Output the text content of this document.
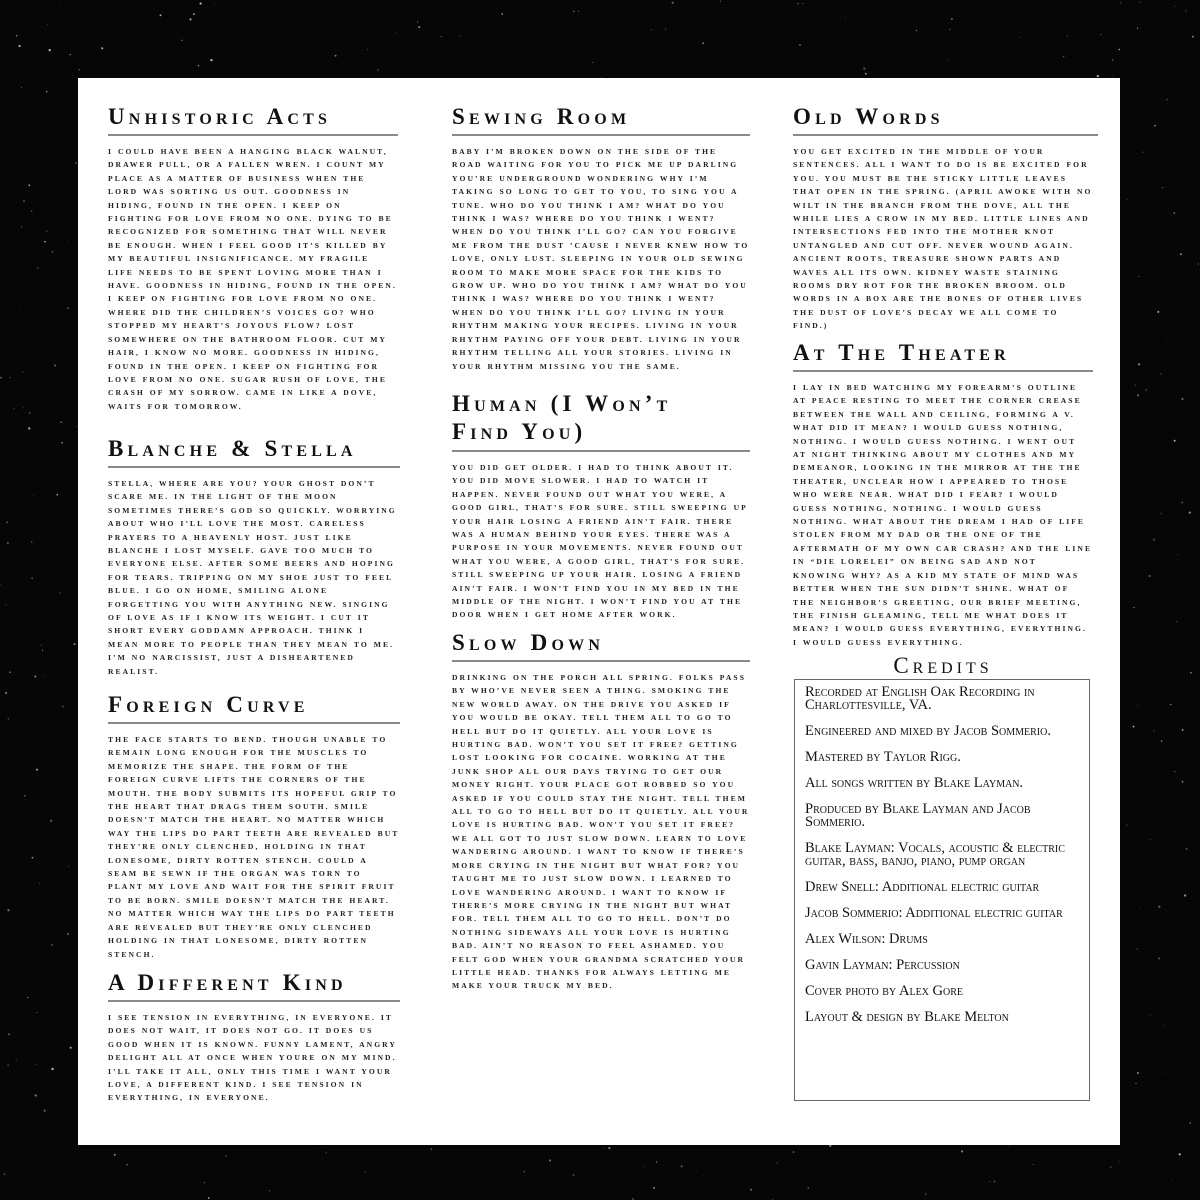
Unhistoric Acts
I COULD HAVE BEEN A HANGING BLACK WALNUT, DRAWER PULL, OR A FALLEN WREN. I COUNT MY PLACE AS A MATTER OF BUSINESS WHEN THE LORD WAS SORTING US OUT. GOODNESS IN HIDING, FOUND IN THE OPEN. I KEEP ON FIGHTING FOR LOVE FROM NO ONE. DYING TO BE RECOGNIZED FOR SOMETHING THAT WILL NEVER BE ENOUGH. WHEN I FEEL GOOD IT’S KILLED BY MY BEAUTIFUL INSIGNIFICANCE. MY FRAGILE LIFE NEEDS TO BE SPENT LOVING MORE THAN I HAVE. GOODNESS IN HIDING, FOUND IN THE OPEN. I KEEP ON FIGHTING FOR LOVE FROM NO ONE. WHERE DID THE CHILDREN’S VOICES GO? WHO STOPPED MY HEART’S JOYOUS FLOW? LOST SOMEWHERE ON THE BATHROOM FLOOR. CUT MY HAIR, I KNOW NO MORE. GOODNESS IN HIDING, FOUND IN THE OPEN. I KEEP ON FIGHTING FOR LOVE FROM NO ONE. SUGAR RUSH OF LOVE, THE CRASH OF MY SORROW. CAME IN LIKE A DOVE, WAITS FOR TOMORROW.
Blanche & Stella
STELLA, WHERE ARE YOU? YOUR GHOST DON’T SCARE ME. IN THE LIGHT OF THE MOON SOMETIMES THERE’S GOD SO QUICKLY. WORRYING ABOUT WHO I’LL LOVE THE MOST. CARELESS PRAYERS TO A HEAVENLY HOST. JUST LIKE BLANCHE I LOST MYSELF. GAVE TOO MUCH TO EVERYONE ELSE. AFTER SOME BEERS AND HOPING FOR TEARS. TRIPPING ON MY SHOE JUST TO FEEL BLUE. I GO ON HOME, SMILING ALONE FORGETTING YOU WITH ANYTHING NEW. SINGING OF LOVE AS IF I KNOW ITS WEIGHT. I CUT IT SHORT EVERY GODDAMN APPROACH. THINK I MEAN MORE TO PEOPLE THAN THEY MEAN TO ME. I’M NO NARCISSIST, JUST A DISHEARTENED REALIST.
Foreign Curve
THE FACE STARTS TO BEND. THOUGH UNABLE TO REMAIN LONG ENOUGH FOR THE MUSCLES TO MEMORIZE THE SHAPE. THE FORM OF THE FOREIGN CURVE LIFTS THE CORNERS OF THE MOUTH. THE BODY SUBMITS ITS HOPEFUL GRIP TO THE HEART THAT DRAGS THEM SOUTH. SMILE DOESN’T MATCH THE HEART. NO MATTER WHICH WAY THE LIPS DO PART TEETH ARE REVEALED BUT THEY’RE ONLY CLENCHED, HOLDING IN THAT LONESOME, DIRTY ROTTEN STENCH. COULD A SEAM BE SEWN IF THE ORGAN WAS TORN TO PLANT MY LOVE AND WAIT FOR THE SPIRIT FRUIT TO BE BORN. SMILE DOESN’T MATCH THE HEART. NO MATTER WHICH WAY THE LIPS DO PART TEETH ARE REVEALED BUT THEY’RE ONLY CLENCHED HOLDING IN THAT LONESOME, DIRTY ROTTEN STENCH.
A Different Kind
I SEE TENSION IN EVERYTHING, IN EVERYONE. IT DOES NOT WAIT, IT DOES NOT GO. IT DOES US GOOD WHEN IT IS KNOWN. FUNNY LAMENT, ANGRY DELIGHT ALL AT ONCE WHEN YOURE ON MY MIND. I’LL TAKE IT ALL, ONLY THIS TIME I WANT YOUR LOVE, A DIFFERENT KIND. I SEE TENSION IN EVERYTHING, IN EVERYONE.
Sewing Room
BABY I’M BROKEN DOWN ON THE SIDE OF THE ROAD WAITING FOR YOU TO PICK ME UP DARLING YOU’RE UNDERGROUND WONDERING WHY I’M TAKING SO LONG TO GET TO YOU, TO SING YOU A TUNE. WHO DO YOU THINK I AM? WHAT DO YOU THINK I WAS? WHERE DO YOU THINK I WENT? WHEN DO YOU THINK I’LL GO? CAN YOU FORGIVE ME FROM THE DUST ’CAUSE I NEVER KNEW HOW TO LOVE, ONLY LUST. SLEEPING IN YOUR OLD SEWING ROOM TO MAKE MORE SPACE FOR THE KIDS TO GROW UP. WHO DO YOU THINK I AM? WHAT DO YOU THINK I WAS? WHERE DO YOU THINK I WENT? WHEN DO YOU THINK I’LL GO? LIVING IN YOUR RHYTHM MAKING YOUR RECIPES. LIVING IN YOUR RHYTHM PAYING OFF YOUR DEBT. LIVING IN YOUR RHYTHM TELLING ALL YOUR STORIES. LIVING IN YOUR RHYTHM MISSING YOU THE SAME.
Human (I Won’t Find You)
YOU DID GET OLDER. I HAD TO THINK ABOUT IT. YOU DID MOVE SLOWER. I HAD TO WATCH IT HAPPEN. NEVER FOUND OUT WHAT YOU WERE, A GOOD GIRL, THAT’S FOR SURE. STILL SWEEPING UP YOUR HAIR LOSING A FRIEND AIN’T FAIR. THERE WAS A HUMAN BEHIND YOUR EYES. THERE WAS A PURPOSE IN YOUR MOVEMENTS. NEVER FOUND OUT WHAT YOU WERE, A GOOD GIRL, THAT’S FOR SURE. STILL SWEEPING UP YOUR HAIR. LOSING A FRIEND AIN’T FAIR. I WON’T FIND YOU IN MY BED IN THE MIDDLE OF THE NIGHT. I WON’T FIND YOU AT THE DOOR WHEN I GET HOME AFTER WORK.
Slow Down
DRINKING ON THE PORCH ALL SPRING. FOLKS PASS BY WHO’VE NEVER SEEN A THING. SMOKING THE NEW WORLD AWAY. ON THE DRIVE YOU ASKED IF YOU WOULD BE OKAY. TELL THEM ALL TO GO TO HELL BUT DO IT QUIETLY. ALL YOUR LOVE IS HURTING BAD. WON’T YOU SET IT FREE? GETTING LOST LOOKING FOR COCAINE. WORKING AT THE JUNK SHOP ALL OUR DAYS TRYING TO GET OUR MONEY RIGHT. YOUR PLACE GOT ROBBED SO YOU ASKED IF YOU COULD STAY THE NIGHT. TELL THEM ALL TO GO TO HELL BUT DO IT QUIETLY. ALL YOUR LOVE IS HURTING BAD. WON’T YOU SET IT FREE? WE ALL GOT TO JUST SLOW DOWN. LEARN TO LOVE WANDERING AROUND. I WANT TO KNOW IF THERE’S MORE CRYING IN THE NIGHT BUT WHAT FOR? YOU TAUGHT ME TO JUST SLOW DOWN. I LEARNED TO LOVE WANDERING AROUND. I WANT TO KNOW IF THERE’S MORE CRYING IN THE NIGHT BUT WHAT FOR. TELL THEM ALL TO GO TO HELL. DON’T DO NOTHING SIDEWAYS ALL YOUR LOVE IS HURTING BAD. AIN’T NO REASON TO FEEL ASHAMED. YOU FELT GOD WHEN YOUR GRANDMA SCRATCHED YOUR LITTLE HEAD. THANKS FOR ALWAYS LETTING ME MAKE YOUR TRUCK MY BED.
Old Words
YOU GET EXCITED IN THE MIDDLE OF YOUR SENTENCES. ALL I WANT TO DO IS BE EXCITED FOR YOU. YOU MUST BE THE STICKY LITTLE LEAVES THAT OPEN IN THE SPRING. (APRIL AWOKE WITH NO WILT IN THE BRANCH FROM THE DOVE, ALL THE WHILE LIES A CROW IN MY BED. LITTLE LINES AND INTERSECTIONS FED INTO THE MOTHER KNOT UNTANGLED AND CUT OFF. NEVER WOUND AGAIN. ANCIENT ROOTS, TREASURE SHOWN PARTS AND WAVES ALL ITS OWN. KIDNEY WASTE STAINING ROOMS DRY ROT FOR THE BROKEN BROOM. OLD WORDS IN A BOX ARE THE BONES OF OTHER LIVES THE DUST OF LOVE’S DECAY WE ALL COME TO FIND.)
At The Theater
I LAY IN BED WATCHING MY FOREARM’S OUTLINE AT PEACE RESTING TO MEET THE CORNER CREASE BETWEEN THE WALL AND CEILING, FORMING A V. WHAT DID IT MEAN? I WOULD GUESS NOTHING, NOTHING. I WOULD GUESS NOTHING. I WENT OUT AT NIGHT THINKING ABOUT MY CLOTHES AND MY DEMEANOR, LOOKING IN THE MIRROR AT THE THE THEATER, UNCLEAR HOW I APPEARED TO THOSE WHO WERE NEAR. WHAT DID I FEAR? I WOULD GUESS NOTHING, NOTHING. I WOULD GUESS NOTHING. WHAT ABOUT THE DREAM I HAD OF LIFE STOLEN FROM MY DAD OR THE ONE OF THE AFTERMATH OF MY OWN CAR CRASH? AND THE LINE IN “DIE LORELEI” ON BEING SAD AND NOT KNOWING WHY? AS A KID MY STATE OF MIND WAS BETTER WHEN THE SUN DIDN’T SHINE. WHAT OF THE NEIGHBOR’S GREETING, OUR BRIEF MEETING, THE FINISH GLEAMING, TELL ME WHAT DOES IT MEAN? I WOULD GUESS EVERYTHING, EVERYTHING. I WOULD GUESS EVERYTHING.
Credits
Recorded at English Oak Recording in Charlottesville, VA.
Engineered and mixed by Jacob Sommerio.
Mastered by Taylor Rigg.
All songs written by Blake Layman.
Produced by Blake Layman and Jacob Sommerio.
Blake Layman: Vocals, acoustic & electric guitar, bass, banjo, piano, pump organ
Drew Snell: Additional electric guitar
Jacob Sommerio: Additional electric guitar
Alex Wilson: Drums
Gavin Layman: Percussion
Cover photo by Alex Gore
Layout & design by Blake Melton
